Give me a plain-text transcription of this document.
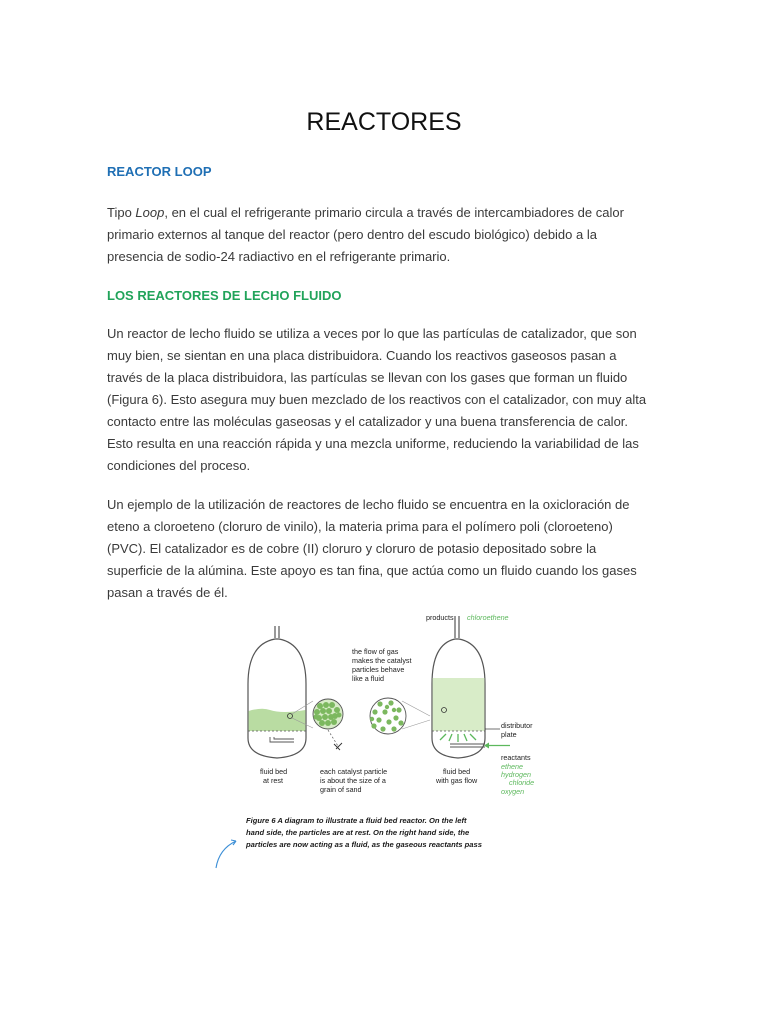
REACTORES
REACTOR LOOP

Tipo Loop, en el cual el refrigerante primario circula a través de intercambiadores de calor primario externos al tanque del reactor (pero dentro del escudo biológico) debido a la presencia de sodio-24 radiactivo en el refrigerante primario.

LOS REACTORES DE LECHO FLUIDO

Un reactor de lecho fluido se utiliza a veces por lo que las partículas de catalizador, que son muy bien, se sientan en una placa distribuidora. Cuando los reactivos gaseosos pasan a través de la placa distribuidora, las partículas se llevan con los gases que forman un fluido (Figura 6). Esto asegura muy buen mezclado de los reactivos con el catalizador, con muy alta contacto entre las moléculas gaseosas y el catalizador y una buena transferencia de calor. Esto resulta en una reacción rápida y una mezcla uniforme, reduciendo la variabilidad de las condiciones del proceso.

Un ejemplo de la utilización de reactores de lecho fluido se encuentra en la oxicloración de eteno a cloroeteno (cloruro de vinilo), la materia prima para el polímero poli (cloroeteno) (PVC). El catalizador es de cobre (II) cloruro y cloruro de potasio depositado sobre la superficie de la alúmina. Este apoyo es tan fina, que actúa como un fluido cuando los gases pasan a través de él.

products chloroethene
the flow of gas
makes the catalyst
particles behave
like a fluid
distributor
plate
reactants
ethene
hydrogen
chloride
oxygen
fluid bed
at rest
each catalyst particle
is about the size of a
grain of sand
fluid bed
with gas flow
Figure 6 A diagram to illustrate a fluid bed reactor. On the left
hand side, the particles are at rest. On the right hand side, the
particles are now acting as a fluid, as the gaseous reactants pass
